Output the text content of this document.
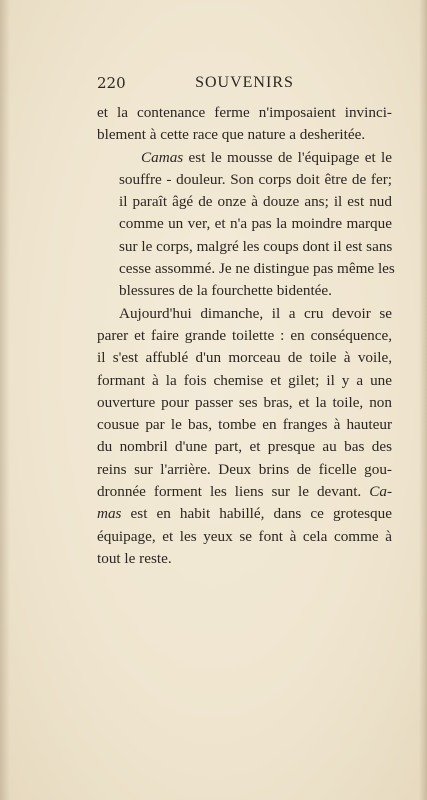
220	SOUVENIRS

et la contenance ferme n'imposaient invinci-
blement à cette race que nature a desheritée.

Camas est le mousse de l'équipage et le
souffre - douleur. Son corps doit être de fer;
il paraît âgé de onze à douze ans; il est nud
comme un ver, et n'a pas la moindre marque
sur le corps, malgré les coups dont il est sans
cesse assommé. Je ne distingue pas même les
blessures de la fourchette bidentée.

Aujourd'hui dimanche, il a cru devoir se
parer et faire grande toilette : en conséquence,
il s'est affublé d'un morceau de toile à voile,
formant à la fois chemise et gilet; il y a une
ouverture pour passer ses bras, et la toile, non
cousue par le bas, tombe en franges à hauteur
du nombril d'une part, et presque au bas des
reins sur l'arrière. Deux brins de ficelle gou-
dronnée forment les liens sur le devant. Ca-
mas est en habit habillé, dans ce grotesque
équipage, et les yeux se font à cela comme à
tout le reste.
